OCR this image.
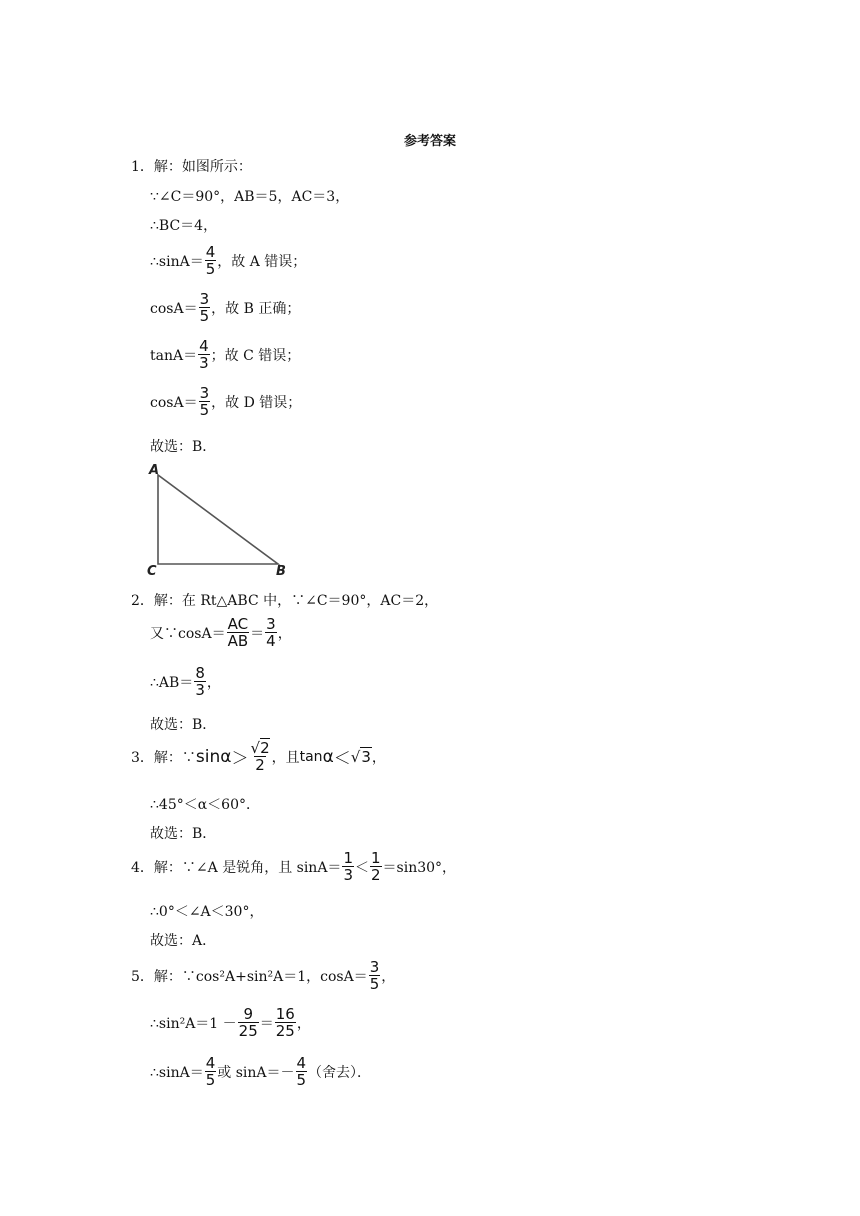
参考答案
1．解：如图所示：
∵∠C＝90°，AB＝5，AC＝3，
∴BC＝4，
∴sinA＝ $\frac{4}{5}$ ，故 A 错误；
$\cos A= \frac{3}{5}$ ，故 B 正确；
$\tan A= \frac{4}{3}$ ；故 C 错误；
$\cos A= \frac{3}{5}$ ，故 D 错误；
故选：B．
A
C	B
2．解：在 Rt△ABC 中，∵∠C＝90°，AC＝2，
又∵cosA＝ $\frac{AC}{AB} = \frac{3}{4}$ ，
∴AB＝ $\frac{8}{3}$ ，
故选：B．
3．解：∵ $\sin \alpha > \frac{√2}{2}$ ，且 tan α ＜ √3 ，
∴45°＜α＜60°．
故选：B．
4．解：∵∠A 是锐角，且 $\sin A= \frac{1}{3} < \frac{1}{2} =\sin 30^\circ$，
∴0°＜∠A＜30°，
故选：A．
5．解：∵cos²A+sin²A＝1，$\cos A= \frac{3}{5}$ ，
∴sin²A＝1 － $\frac{9}{25} = \frac{16}{25}$ ，
∴sinA＝ $\frac{4}{5}$ 或 $\sin A=- \frac{4}{5}$ （舍去）．
